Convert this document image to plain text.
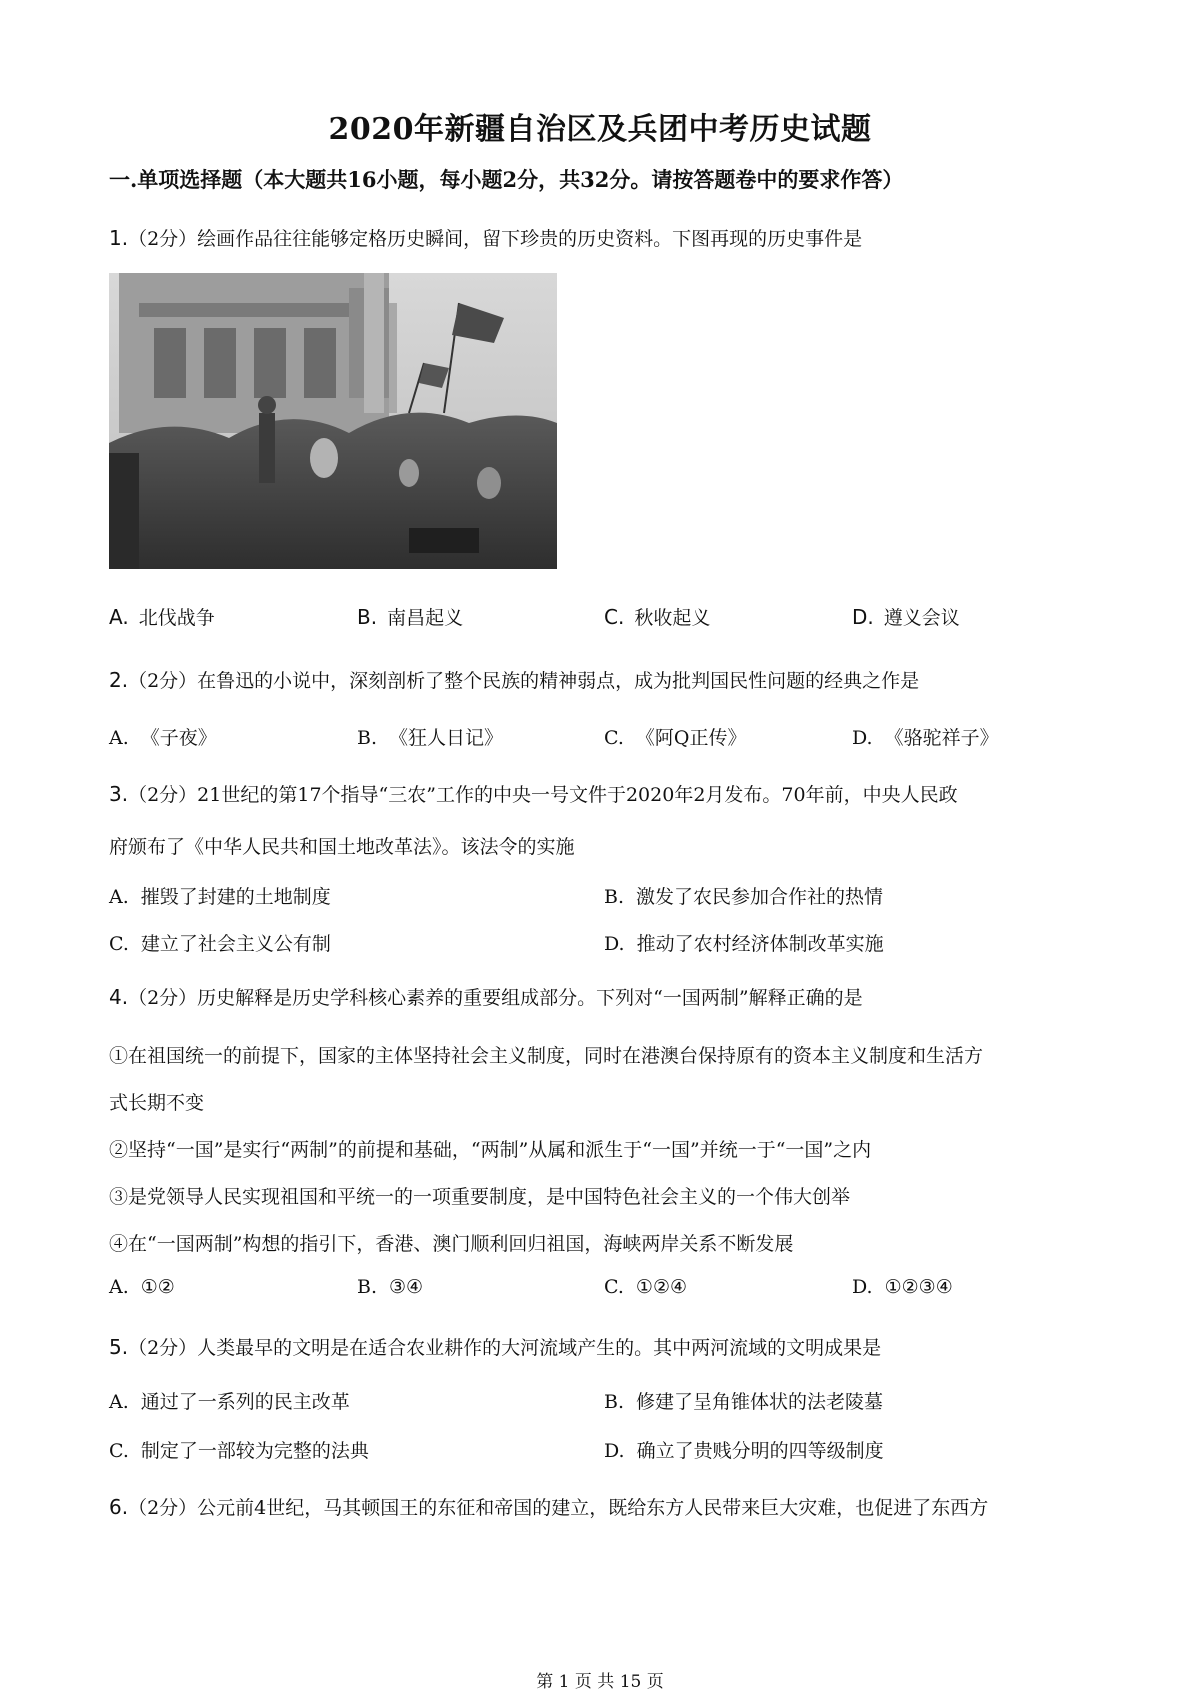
2020年新疆自治区及兵团中考历史试题
一.单项选择题（本大题共16小题，每小题2分，共32分。请按答题卷中的要求作答）
1.（2分）绘画作品往往能够定格历史瞬间，留下珍贵的历史资料。下图再现的历史事件是
A. 北伐战争	B. 南昌起义	C. 秋收起义	D. 遵义会议
2.（2分）在鲁迅的小说中，深刻剖析了整个民族的精神弱点，成为批判国民性问题的经典之作是
A. 《子夜》	B. 《狂人日记》	C. 《阿Q正传》	D. 《骆驼祥子》
3.（2分）21世纪的第17个指导“三农”工作的中央一号文件于2020年2月发布。70年前，中央人民政
府颁布了《中华人民共和国土地改革法》。该法令的实施
A. 摧毁了封建的土地制度	B. 激发了农民参加合作社的热情
C. 建立了社会主义公有制	D. 推动了农村经济体制改革实施
4.（2分）历史解释是历史学科核心素养的重要组成部分。下列对“一国两制”解释正确的是
①在祖国统一的前提下，国家的主体坚持社会主义制度，同时在港澳台保持原有的资本主义制度和生活方
式长期不变
②坚持“一国”是实行“两制”的前提和基础，“两制”从属和派生于“一国”并统一于“一国”之内
③是党领导人民实现祖国和平统一的一项重要制度，是中国特色社会主义的一个伟大创举
④在“一国两制”构想的指引下，香港、澳门顺利回归祖国，海峡两岸关系不断发展
A. ①②	B. ③④	C. ①②④	D. ①②③④
5.（2分）人类最早的文明是在适合农业耕作的大河流域产生的。其中两河流域的文明成果是
A. 通过了一系列的民主改革	B. 修建了呈角锥体状的法老陵墓
C. 制定了一部较为完整的法典	D. 确立了贵贱分明的四等级制度
6.（2分）公元前4世纪，马其顿国王的东征和帝国的建立，既给东方人民带来巨大灾难，也促进了东西方
第 1 页 共 15 页
